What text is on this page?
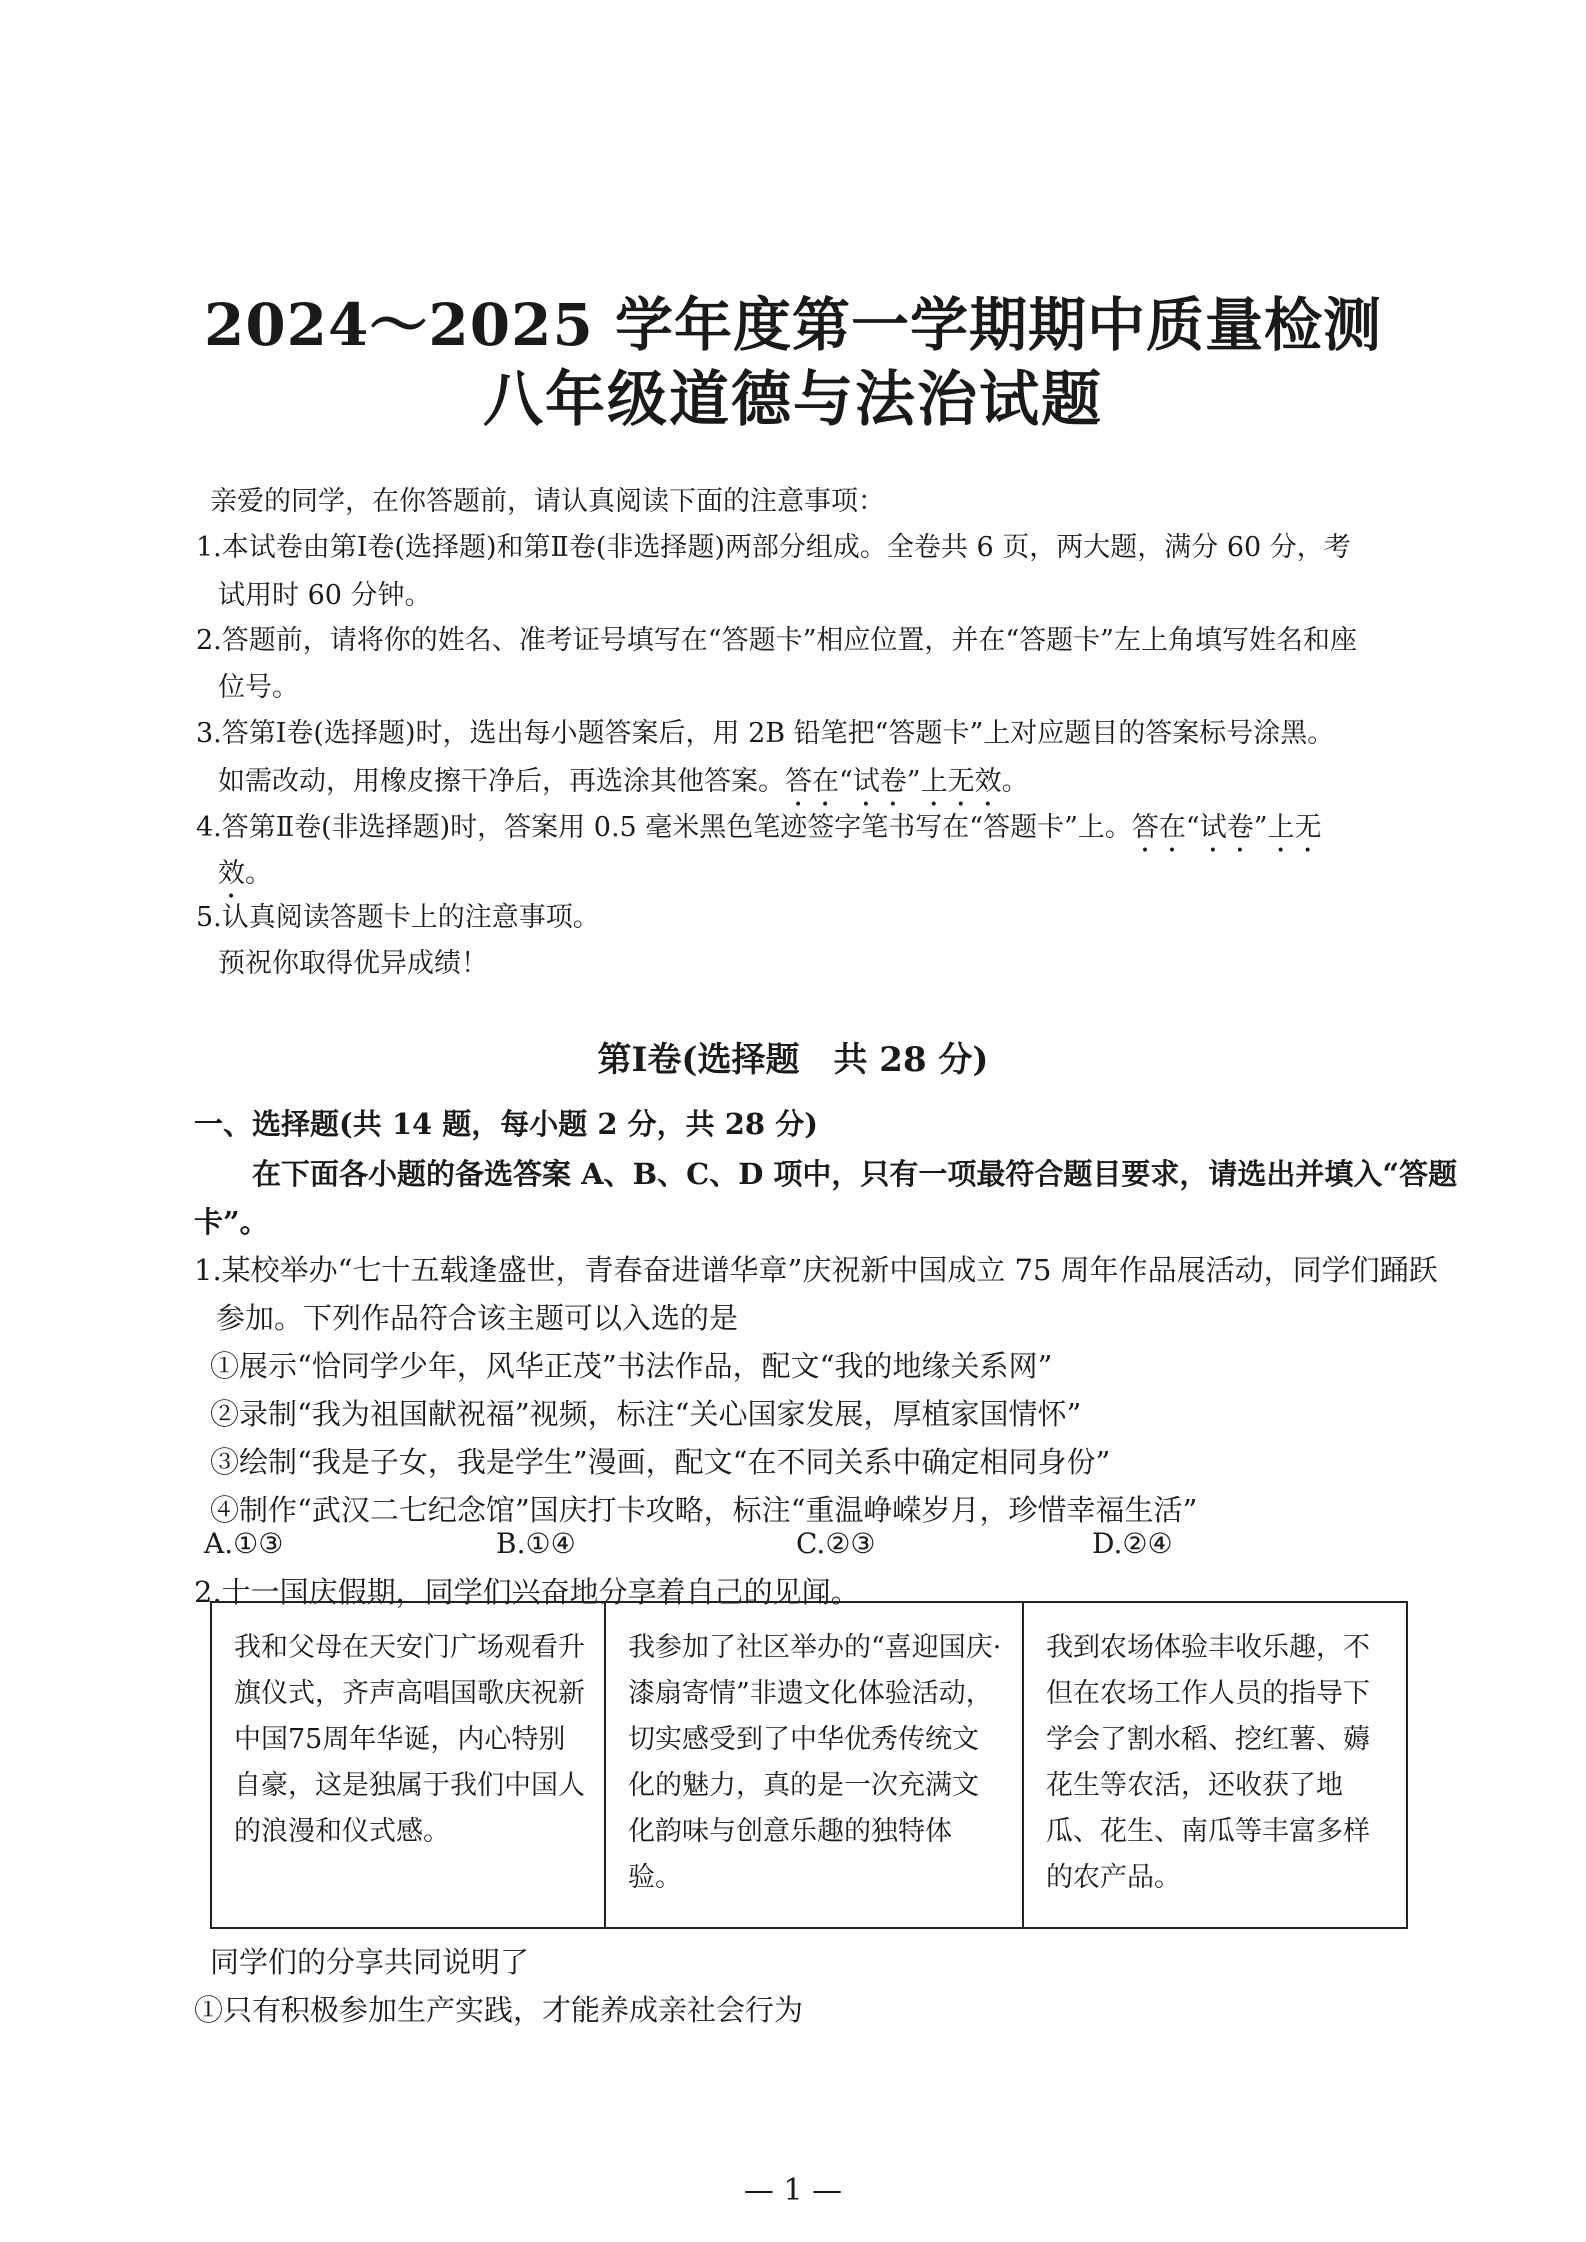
2024～2025 学年度第一学期期中质量检测
八年级道德与法治试题
亲爱的同学，在你答题前，请认真阅读下面的注意事项：
1.本试卷由第Ⅰ卷(选择题)和第Ⅱ卷(非选择题)两部分组成。全卷共 6 页，两大题，满分 60 分，考
试用时 60 分钟。
2.答题前，请将你的姓名、准考证号填写在“答题卡”相应位置，并在“答题卡”左上角填写姓名和座
位号。
3.答第Ⅰ卷(选择题)时，选出每小题答案后，用 2B 铅笔把“答题卡”上对应题目的答案标号涂黑。
如需改动，用橡皮擦干净后，再选涂其他答案。答在“试卷”上无效。
4.答第Ⅱ卷(非选择题)时，答案用 0.5 毫米黑色笔迹签字笔书写在“答题卡”上。答在“试卷”上无
效。
5.认真阅读答题卡上的注意事项。
预祝你取得优异成绩！
第Ⅰ卷(选择题　共 28 分)
一、选择题(共 14 题，每小题 2 分，共 28 分)
在下面各小题的备选答案 A、B、C、D 项中，只有一项最符合题目要求，请选出并填入“答题
卡”。
1.某校举办“七十五载逢盛世，青春奋进谱华章”庆祝新中国成立 75 周年作品展活动，同学们踊跃
参加。下列作品符合该主题可以入选的是
①展示“恰同学少年，风华正茂”书法作品，配文“我的地缘关系网”
②录制“我为祖国献祝福”视频，标注“关心国家发展，厚植家国情怀”
③绘制“我是子女，我是学生”漫画，配文“在不同关系中确定相同身份”
④制作“武汉二七纪念馆”国庆打卡攻略，标注“重温峥嵘岁月，珍惜幸福生活”
A.①③	B.①④	C.②③	D.②④
2.十一国庆假期，同学们兴奋地分享着自己的见闻。
我和父母在天安门广场观看升旗仪式，齐声高唱国歌庆祝新中国75周年华诞，内心特别自豪，这是独属于我们中国人的浪漫和仪式感。
我参加了社区举办的“喜迎国庆·漆扇寄情”非遗文化体验活动，切实感受到了中华优秀传统文化的魅力，真的是一次充满文化韵味与创意乐趣的独特体验。
我到农场体验丰收乐趣，不但在农场工作人员的指导下学会了割水稻、挖红薯、薅花生等农活，还收获了地瓜、花生、南瓜等丰富多样的农产品。
同学们的分享共同说明了
①只有积极参加生产实践，才能养成亲社会行为
— 1 —
